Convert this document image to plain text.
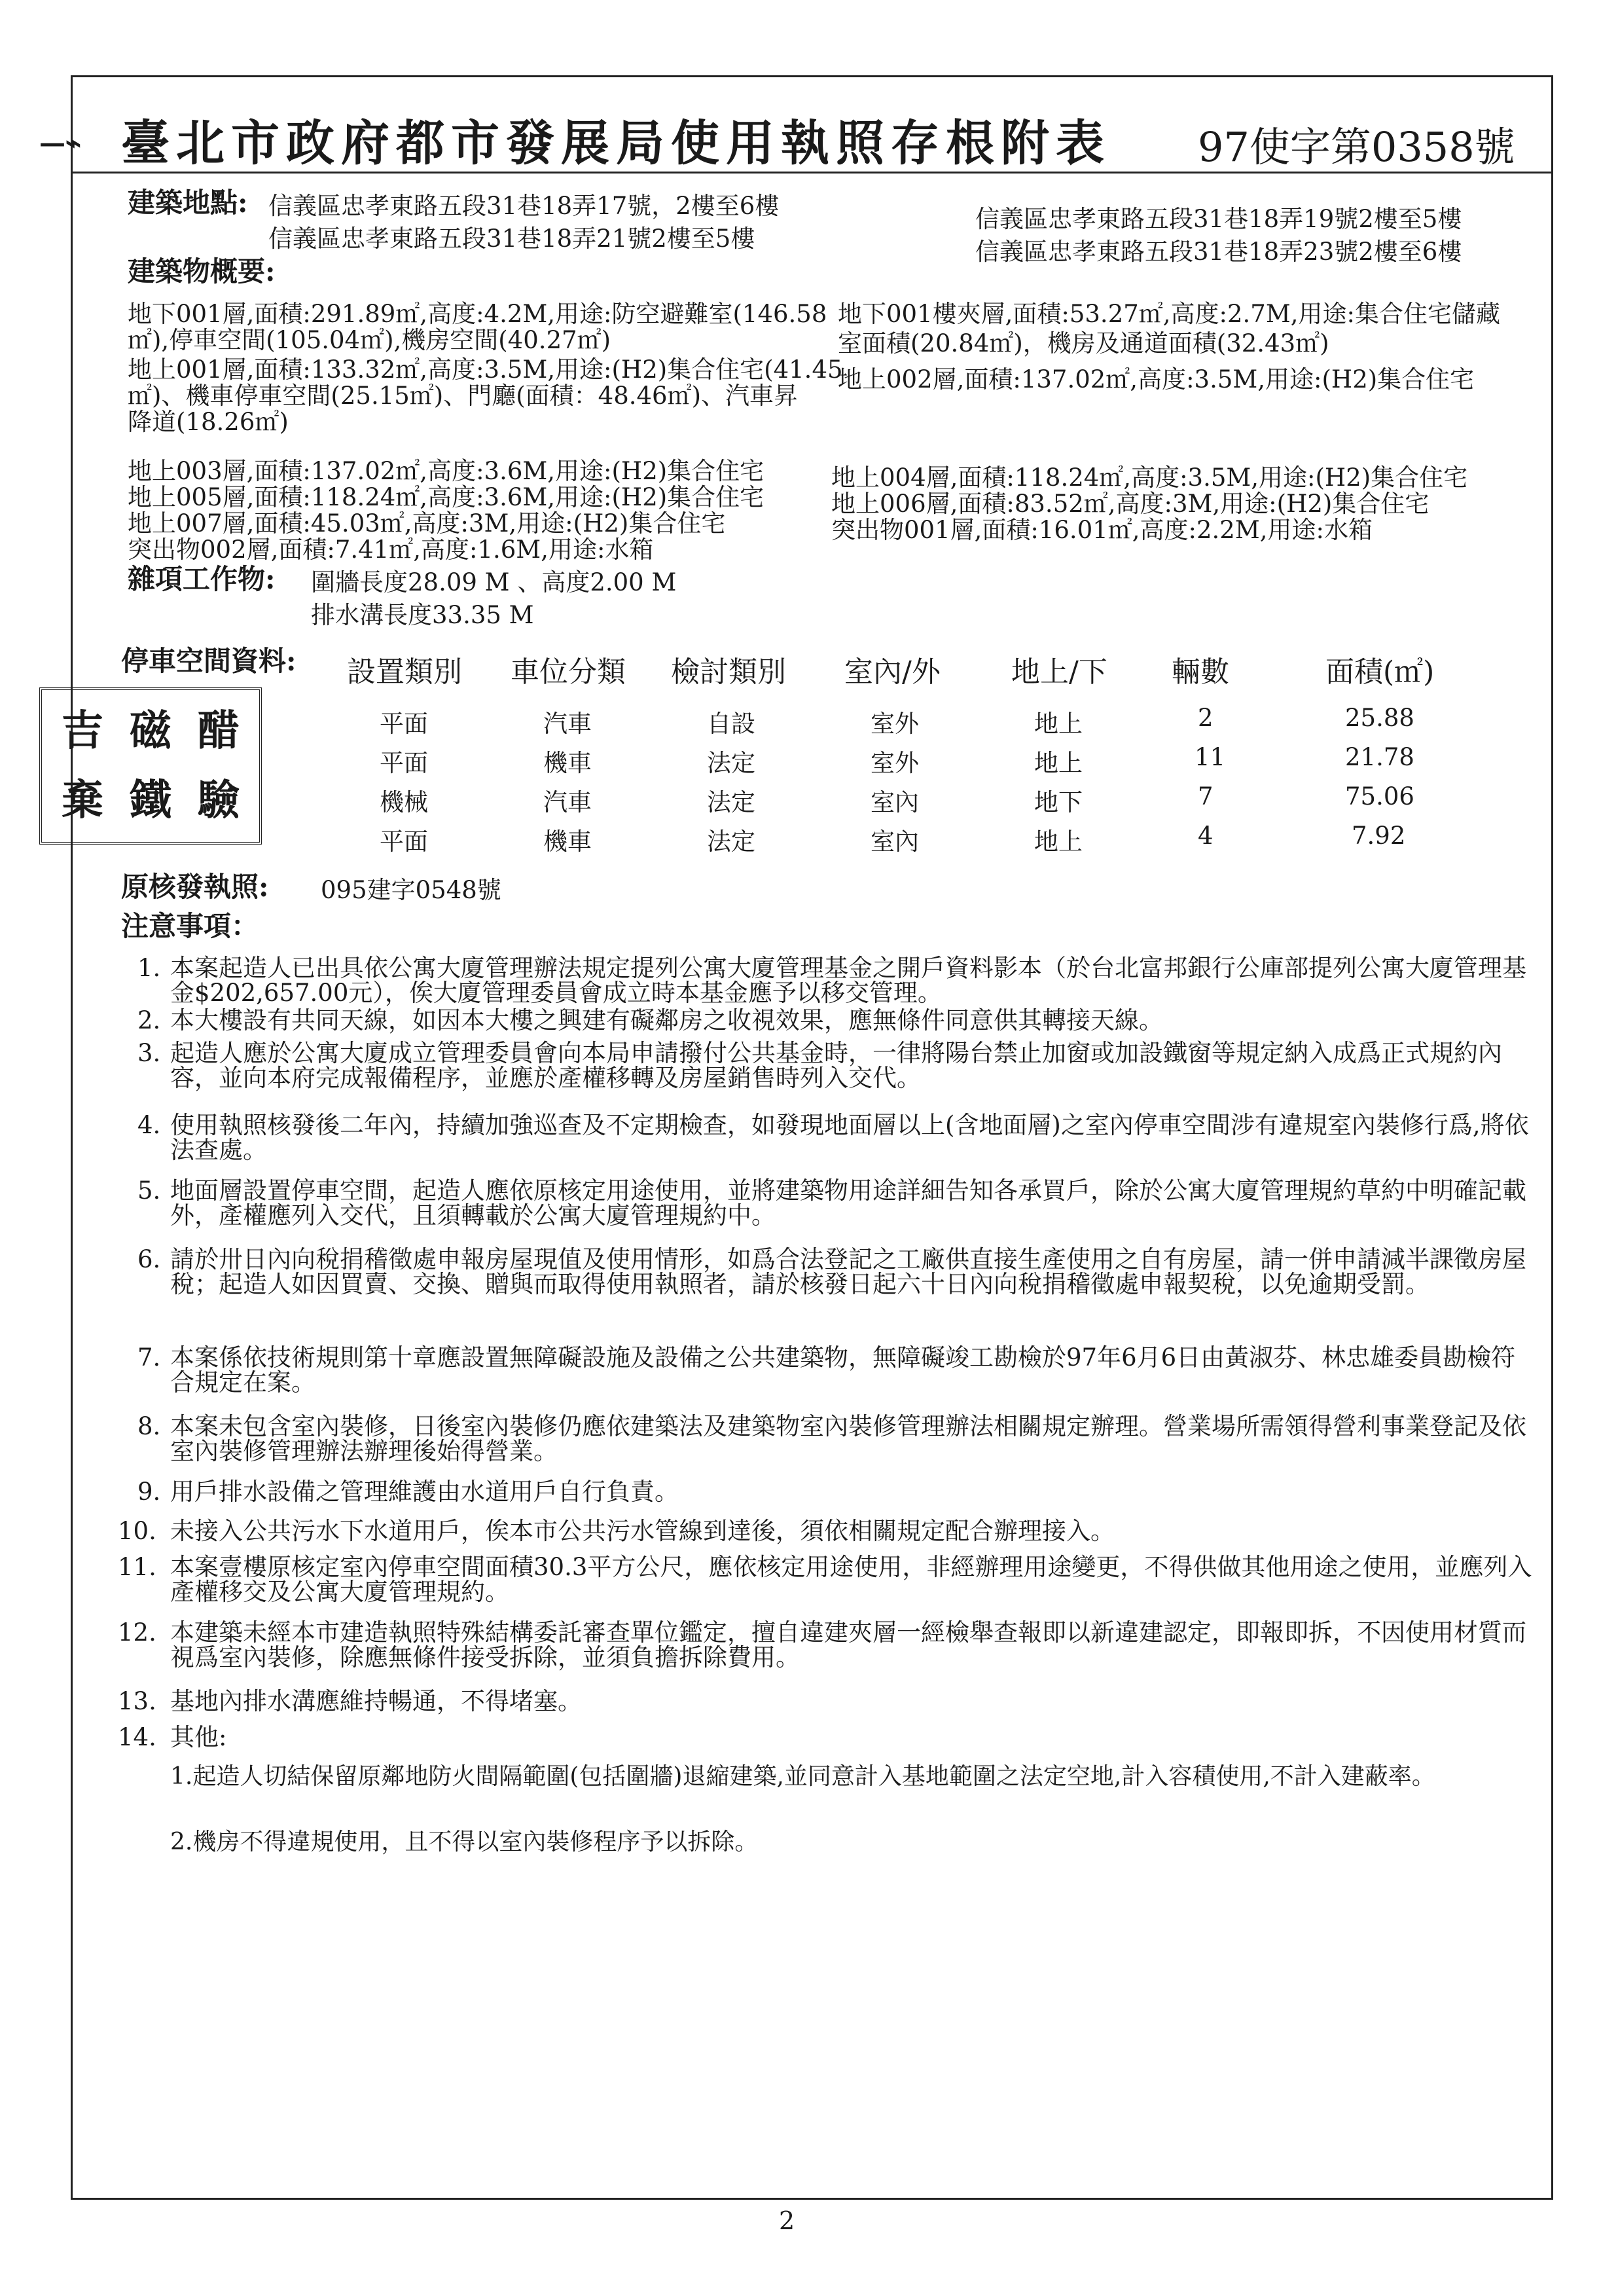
—⌁ 臺北市政府都市發展局使用執照存根附表 97使字第0358號
建築地點: 信義區忠孝東路五段31巷18弄17號，2樓至6樓
信義區忠孝東路五段31巷18弄21號2樓至5樓
信義區忠孝東路五段31巷18弄19號2樓至5樓
信義區忠孝東路五段31巷18弄23號2樓至6樓
建築物概要:
地下001層,面積:291.89㎡,高度:4.2M,用途:防空避難室(146.58
㎡),停車空間(105.04㎡),機房空間(40.27㎡)
地上001層,面積:133.32㎡,高度:3.5M,用途:(H2)集合住宅(41.45
㎡)、機車停車空間(25.15㎡)、門廳(面積：48.46㎡)、汽車昇
降道(18.26㎡)
地上003層,面積:137.02㎡,高度:3.6M,用途:(H2)集合住宅
地上005層,面積:118.24㎡,高度:3.6M,用途:(H2)集合住宅
地上007層,面積:45.03㎡,高度:3M,用途:(H2)集合住宅
突出物002層,面積:7.41㎡,高度:1.6M,用途:水箱
地下001樓夾層,面積:53.27㎡,高度:2.7M,用途:集合住宅儲藏
室面積(20.84㎡)，機房及通道面積(32.43㎡)
地上002層,面積:137.02㎡,高度:3.5M,用途:(H2)集合住宅
地上004層,面積:118.24㎡,高度:3.5M,用途:(H2)集合住宅
地上006層,面積:83.52㎡,高度:3M,用途:(H2)集合住宅
突出物001層,面積:16.01㎡,高度:2.2M,用途:水箱
雜項工作物: 圍牆長度28.09 M 、高度2.00 M
排水溝長度33.35 M
停車空間資料: 設置類別 車位分類 檢討類別 室內/外 地上/下 輛數	面積(㎡)
平面	汽車	自設	室外	地上	2	25.88
平面	機車	法定	室外	地上	11	21.78
機械	汽車	法定	室內	地下	7	75.06
平面	機車	法定	室內	地上	4	7.92
吉 磁 醋
棄 鐵 驗
原核發執照: 095建字0548號
注意事項：
1. 本案起造人已出具依公寓大廈管理辦法規定提列公寓大廈管理基金之開戶資料影本（於台北富邦銀行公庫部提列公寓大廈管理基金$202,657.00元），俟大廈管理委員會成立時本基金應予以移交管理。
2. 本大樓設有共同天線，如因本大樓之興建有礙鄰房之收視效果，應無條件同意供其轉接天線。
3. 起造人應於公寓大廈成立管理委員會向本局申請撥付公共基金時，一律將陽台禁止加窗或加設鐵窗等規定納入成爲正式規約內容，並向本府完成報備程序，並應於產權移轉及房屋銷售時列入交代。
4. 使用執照核發後二年內，持續加強巡查及不定期檢查，如發現地面層以上(含地面層)之室內停車空間涉有違規室內裝修行爲,將依法查處。
5. 地面層設置停車空間，起造人應依原核定用途使用，並將建築物用途詳細告知各承買戶，除於公寓大廈管理規約草約中明確記載外，產權應列入交代，且須轉載於公寓大廈管理規約中。
6. 請於卅日內向稅捐稽徵處申報房屋現值及使用情形，如爲合法登記之工廠供直接生產使用之自有房屋，請一併申請減半課徵房屋稅；起造人如因買賣、交換、贈與而取得使用執照者，請於核發日起六十日內向稅捐稽徵處申報契稅，以免逾期受罰。
7. 本案係依技術規則第十章應設置無障礙設施及設備之公共建築物，無障礙竣工勘檢於97年6月6日由黃淑芬、林忠雄委員勘檢符合規定在案。
8. 本案未包含室內裝修，日後室內裝修仍應依建築法及建築物室內裝修管理辦法相關規定辦理。營業場所需領得營利事業登記及依室內裝修管理辦法辦理後始得營業。
9. 用戶排水設備之管理維護由水道用戶自行負責。
10. 未接入公共污水下水道用戶，俟本市公共污水管線到達後，須依相關規定配合辦理接入。
11. 本案壹樓原核定室內停車空間面積30.3平方公尺，應依核定用途使用，非經辦理用途變更，不得供做其他用途之使用，並應列入產權移交及公寓大廈管理規約。
12. 本建築未經本市建造執照特殊結構委託審查單位鑑定，擅自違建夾層一經檢舉查報即以新違建認定，即報即拆，不因使用材質而視爲室內裝修，除應無條件接受拆除，並須負擔拆除費用。
13. 基地內排水溝應維持暢通，不得堵塞。
14. 其他:
1.起造人切結保留原鄰地防火間隔範圍(包括圍牆)退縮建築,並同意計入基地範圍之法定空地,計入容積使用,不計入建蔽率。
2.機房不得違規使用，且不得以室內裝修程序予以拆除。
2
